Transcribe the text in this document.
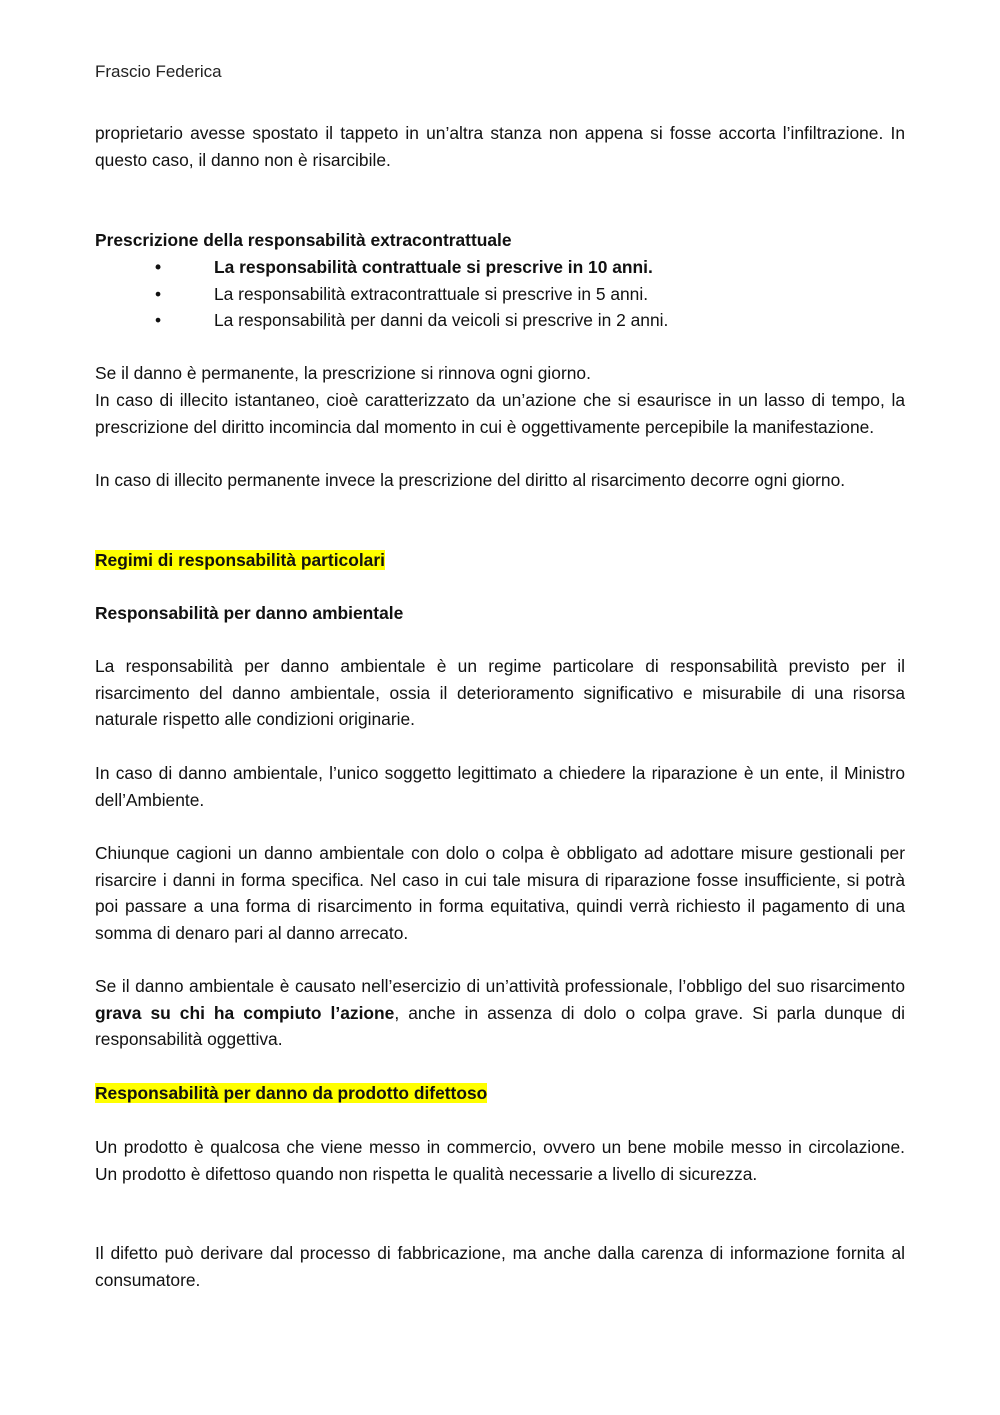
Frascio Federica
proprietario avesse spostato il tappeto in un’altra stanza non appena si fosse accorta l’infiltrazione. In questo caso, il danno non è risarcibile.
Prescrizione della responsabilità extracontrattuale
•	La responsabilità contrattuale si prescrive in 10 anni.
•	La responsabilità extracontrattuale si prescrive in 5 anni.
•	La responsabilità per danni da veicoli si prescrive in 2 anni.
Se il danno è permanente, la prescrizione si rinnova ogni giorno.
In caso di illecito istantaneo, cioè caratterizzato da un’azione che si esaurisce in un lasso di tempo, la prescrizione del diritto incomincia dal momento in cui è oggettivamente percepibile la manifestazione.
In caso di illecito permanente invece la prescrizione del diritto al risarcimento decorre ogni giorno.
Regimi di responsabilità particolari
Responsabilità per danno ambientale
La responsabilità per danno ambientale è un regime particolare di responsabilità previsto per il risarcimento del danno ambientale, ossia il deterioramento significativo e misurabile di una risorsa naturale rispetto alle condizioni originarie.
In caso di danno ambientale, l’unico soggetto legittimato a chiedere la riparazione è un ente, il Ministro dell’Ambiente.
Chiunque cagioni un danno ambientale con dolo o colpa è obbligato ad adottare misure gestionali per risarcire i danni in forma specifica. Nel caso in cui tale misura di riparazione fosse insufficiente, si potrà poi passare a una forma di risarcimento in forma equitativa, quindi verrà richiesto il pagamento di una somma di denaro pari al danno arrecato.
Se il danno ambientale è causato nell’esercizio di un’attività professionale, l’obbligo del suo risarcimento grava su chi ha compiuto l’azione, anche in assenza di dolo o colpa grave. Si parla dunque di responsabilità oggettiva.
Responsabilità per danno da prodotto difettoso
Un prodotto è qualcosa che viene messo in commercio, ovvero un bene mobile messo in circolazione. Un prodotto è difettoso quando non rispetta le qualità necessarie a livello di sicurezza.
Il difetto può derivare dal processo di fabbricazione, ma anche dalla carenza di informazione fornita al consumatore.
